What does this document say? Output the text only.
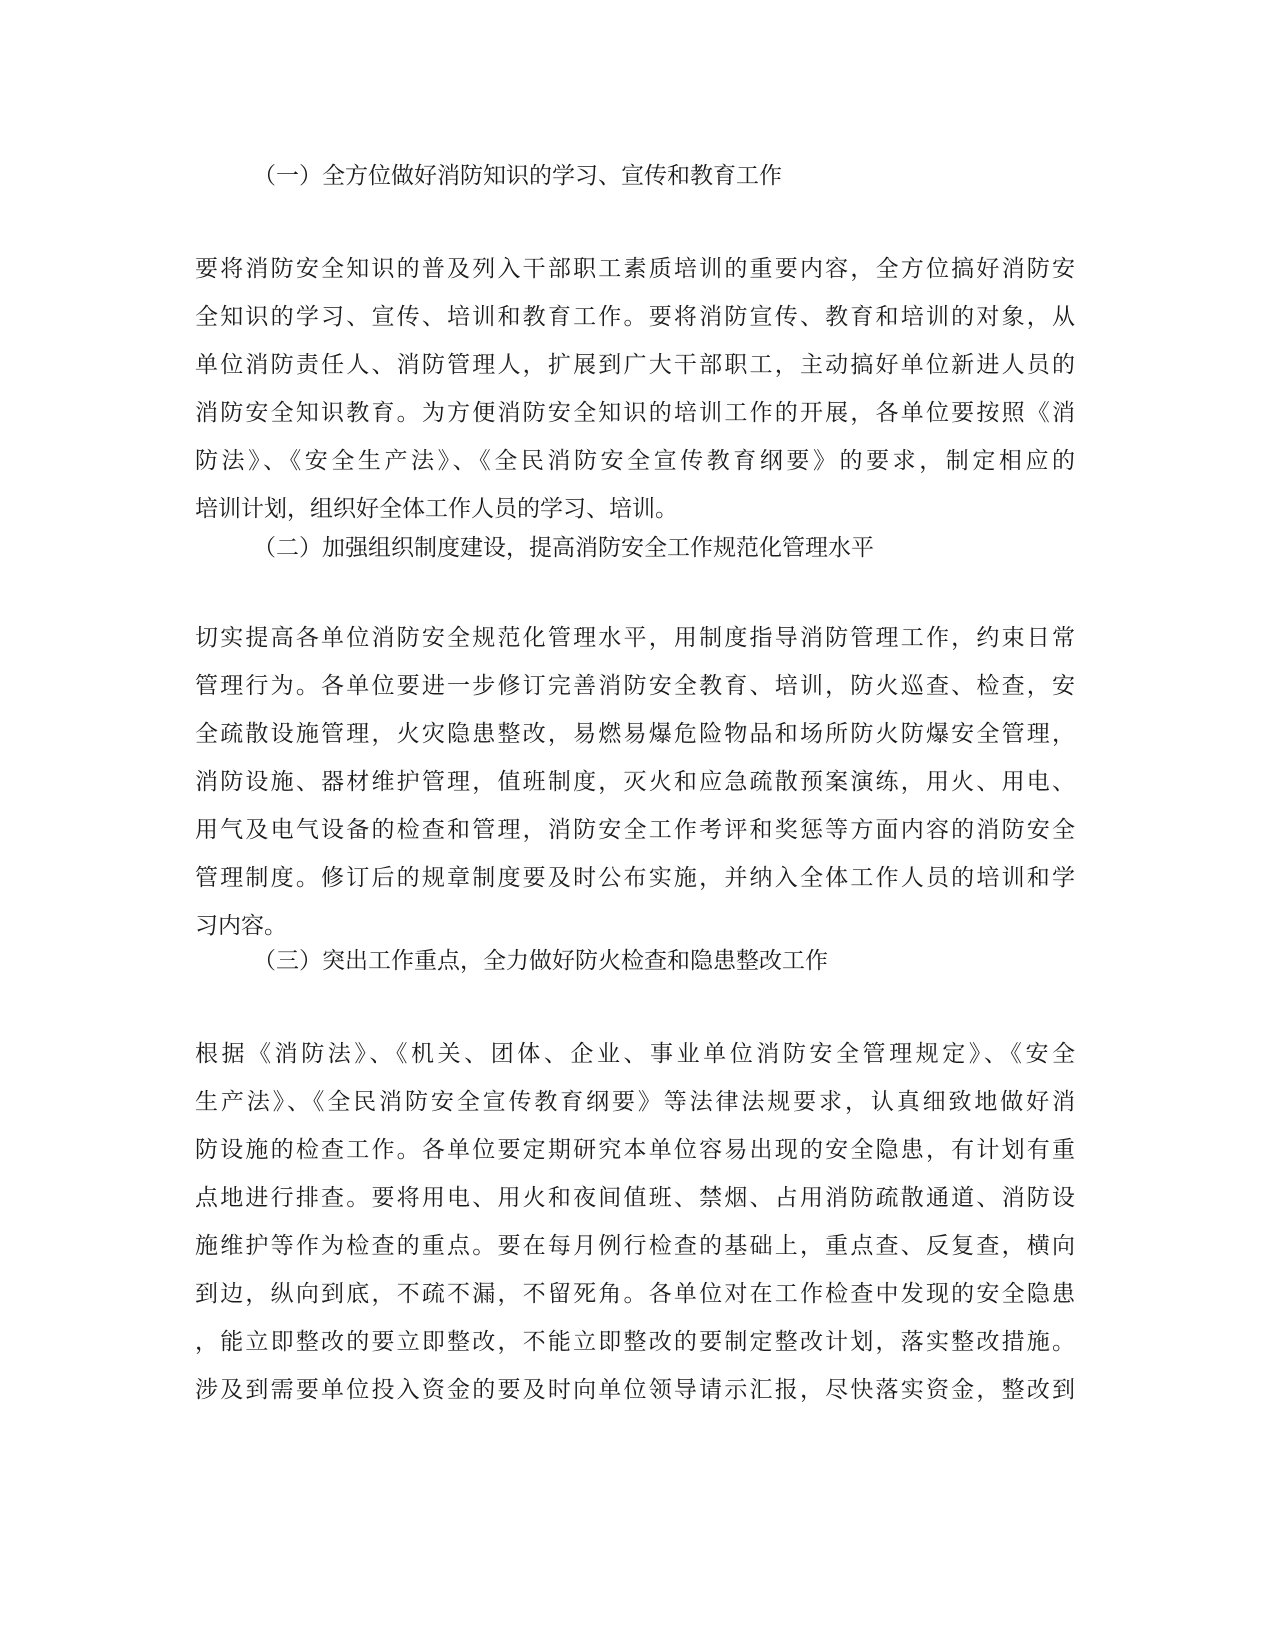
（一）全方位做好消防知识的学习、宣传和教育工作
要将消防安全知识的普及列入干部职工素质培训的重要内容，全方位搞好消防安
全知识的学习、宣传、培训和教育工作。要将消防宣传、教育和培训的对象，从
单位消防责任人、消防管理人，扩展到广大干部职工，主动搞好单位新进人员的
消防安全知识教育。为方便消防安全知识的培训工作的开展，各单位要按照《消
防法》、《安全生产法》、《全民消防安全宣传教育纲要》的要求，制定相应的
培训计划，组织好全体工作人员的学习、培训。
（二）加强组织制度建设，提高消防安全工作规范化管理水平
切实提高各单位消防安全规范化管理水平，用制度指导消防管理工作，约束日常
管理行为。各单位要进一步修订完善消防安全教育、培训，防火巡查、检查，安
全疏散设施管理，火灾隐患整改，易燃易爆危险物品和场所防火防爆安全管理，
消防设施、器材维护管理，值班制度，灭火和应急疏散预案演练，用火、用电、
用气及电气设备的检查和管理，消防安全工作考评和奖惩等方面内容的消防安全
管理制度。修订后的规章制度要及时公布实施，并纳入全体工作人员的培训和学
习内容。
（三）突出工作重点，全力做好防火检查和隐患整改工作
根据《消防法》、《机关、团体、企业、事业单位消防安全管理规定》、《安全
生产法》、《全民消防安全宣传教育纲要》等法律法规要求，认真细致地做好消
防设施的检查工作。各单位要定期研究本单位容易出现的安全隐患，有计划有重
点地进行排查。要将用电、用火和夜间值班、禁烟、占用消防疏散通道、消防设
施维护等作为检查的重点。要在每月例行检查的基础上，重点查、反复查，横向
到边，纵向到底，不疏不漏，不留死角。各单位对在工作检查中发现的安全隐患
，能立即整改的要立即整改，不能立即整改的要制定整改计划，落实整改措施。
涉及到需要单位投入资金的要及时向单位领导请示汇报，尽快落实资金，整改到
